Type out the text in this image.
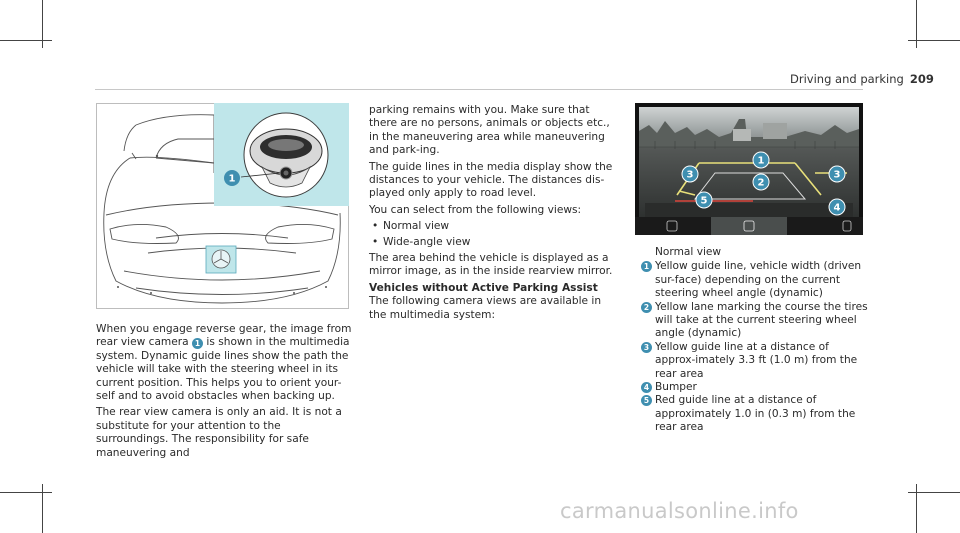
Driving and parking 209
1
1
2
3	3
4
5

When you engage reverse gear, the image from rear view camera 1 is shown in the multimedia system. Dynamic guide lines show the path the vehicle will take with the steering wheel in its current position. This helps you to orient your-self and to avoid obstacles when backing up.

The rear view camera is only an aid. It is not a substitute for your attention to the surroundings. The responsibility for safe maneuvering and

parking remains with you. Make sure that there are no persons, animals or objects etc., in the maneuvering area while maneuvering and park-ing.

The guide lines in the media display show the distances to your vehicle. The distances dis-played only apply to road level.

You can select from the following views:

• Normal view
• Wide-angle view

The area behind the vehicle is displayed as a mirror image, as in the inside rearview mirror.

Vehicles without Active Parking Assist

The following camera views are available in the multimedia system:

Normal view

1 Yellow guide line, vehicle width (driven sur-face) depending on the current steering wheel angle (dynamic)
2 Yellow lane marking the course the tires will take at the current steering wheel angle (dynamic)
3 Yellow guide line at a distance of approx-imately 3.3 ft (1.0 m) from the rear area
4 Bumper
5 Red guide line at a distance of approximately 1.0 in (0.3 m) from the rear area
carmanualsonline.info
